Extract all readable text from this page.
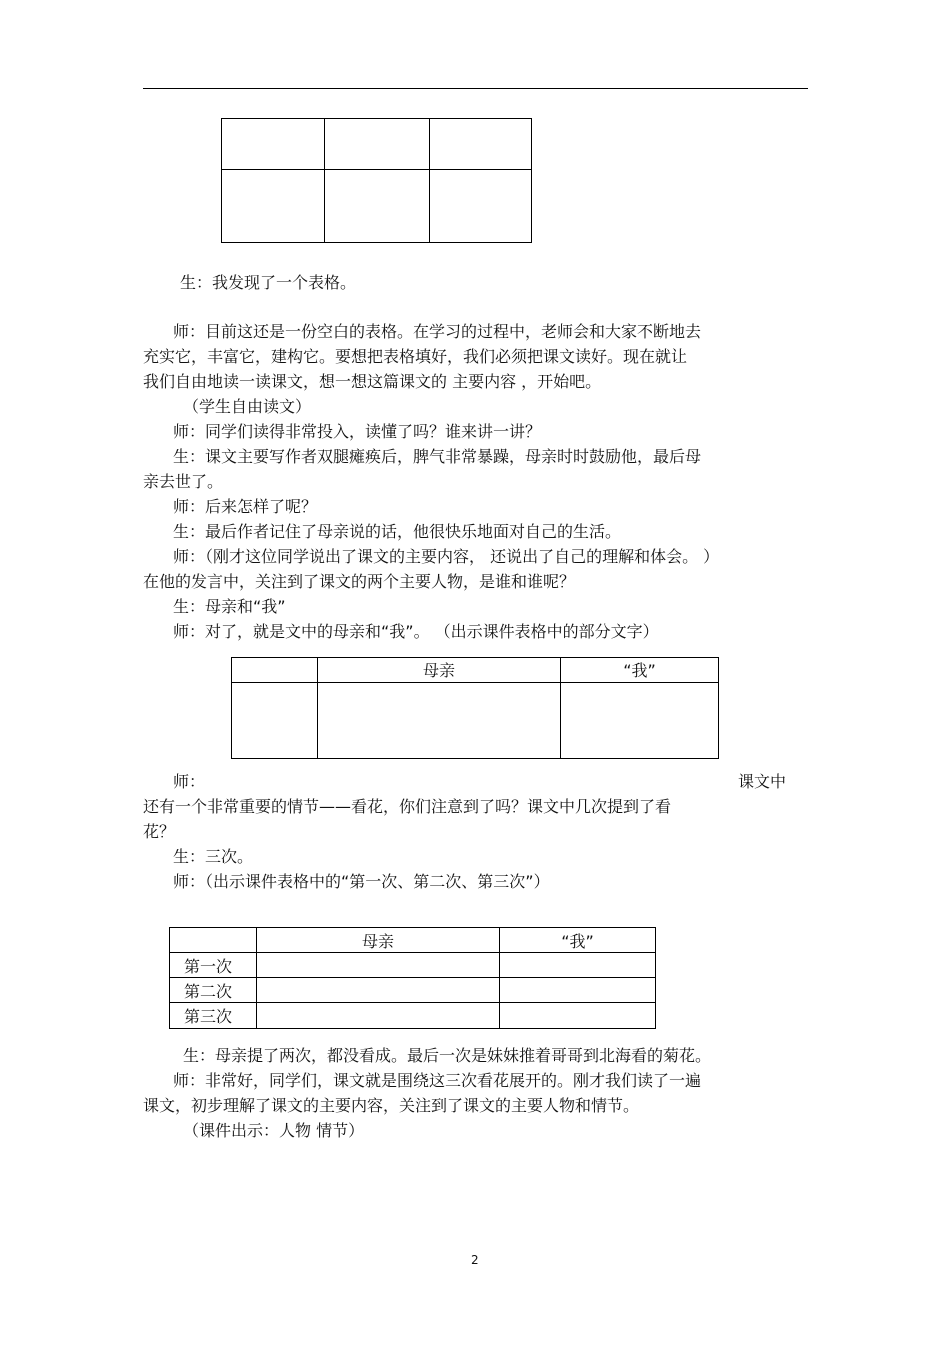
生：我发现了一个表格。
师：目前这还是一份空白的表格。在学习的过程中，老师会和大家不断地去
充实它，丰富它，建构它。要想把表格填好，我们必须把课文读好。现在就让
我们自由地读一读课文，想一想这篇课文的 主要内容 ，开始吧。
（学生自由读文）
师：同学们读得非常投入，读懂了吗？谁来讲一讲？
生：课文主要写作者双腿瘫痪后，脾气非常暴躁，母亲时时鼓励他，最后母
亲去世了。
师：后来怎样了呢？
生：最后作者记住了母亲说的话，他很快乐地面对自己的生活。
师：（刚才这位同学说出了课文的主要内容， 还说出了自己的理解和体会。 ）
在他的发言中，关注到了课文的两个主要人物，是谁和谁呢？
生：母亲和“我”
师：对了，就是文中的母亲和“我”。 （出示课件表格中的部分文字）
	母亲	“我”

师：	课文中
还有一个非常重要的情节——看花，你们注意到了吗？课文中几次提到了看
花？
生：三次。
师：（出示课件表格中的“第一次、第二次、第三次”）
	母亲	“我”
第一次		
第二次		
第三次		
生：母亲提了两次，都没看成。最后一次是妹妹推着哥哥到北海看的菊花。
师：非常好，同学们，课文就是围绕这三次看花展开的。刚才我们读了一遍
课文，初步理解了课文的主要内容，关注到了课文的主要人物和情节。
（课件出示：人物 情节）
2
